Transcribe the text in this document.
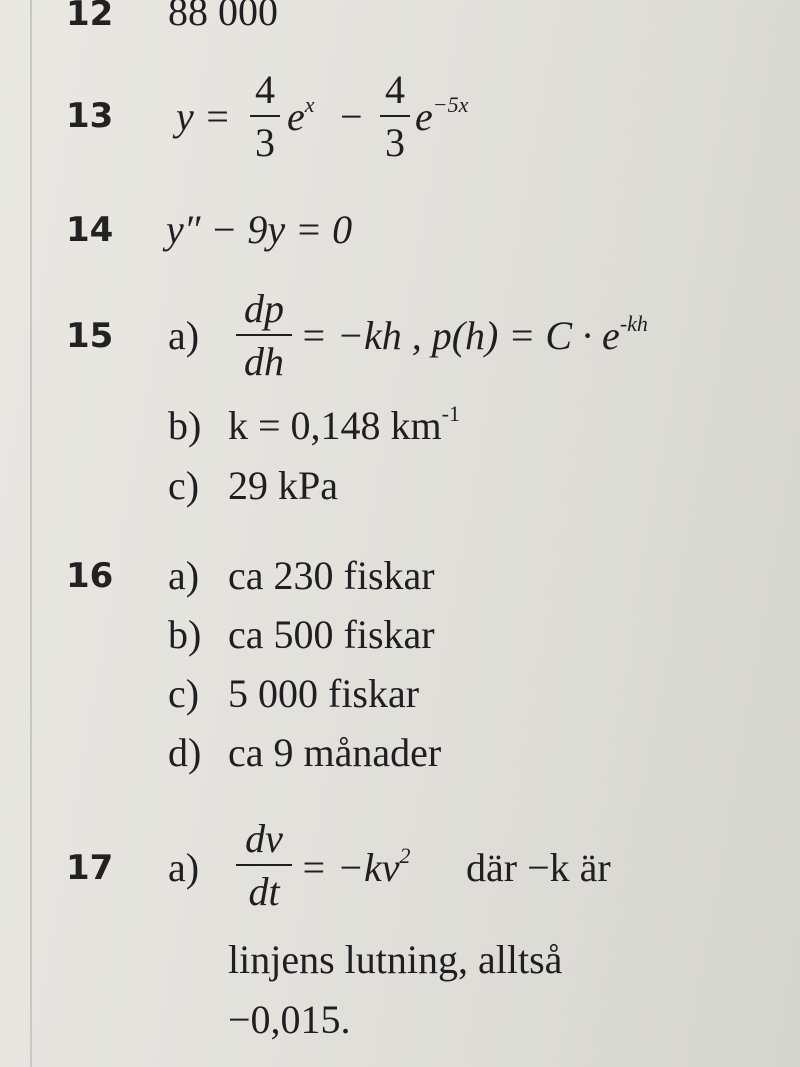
12 88 000
13 y =
4
3
$e^x$ −
4
3
$e^{-5x}$
14 y″ − 9y = 0
15 a)
dp
dh
= −kh , $p(h) = C \cdot e^{-kh}$
b) k = 0,148 $km^{-1}$
c) 29 kPa
16 a) ca 230 fiskar
b) ca 500 fiskar
c) 5 000 fiskar
d) ca 9 månader
17 a)
dv
dt
= $-kv^2$ där −k är
linjens lutning, alltså
−0,015.
